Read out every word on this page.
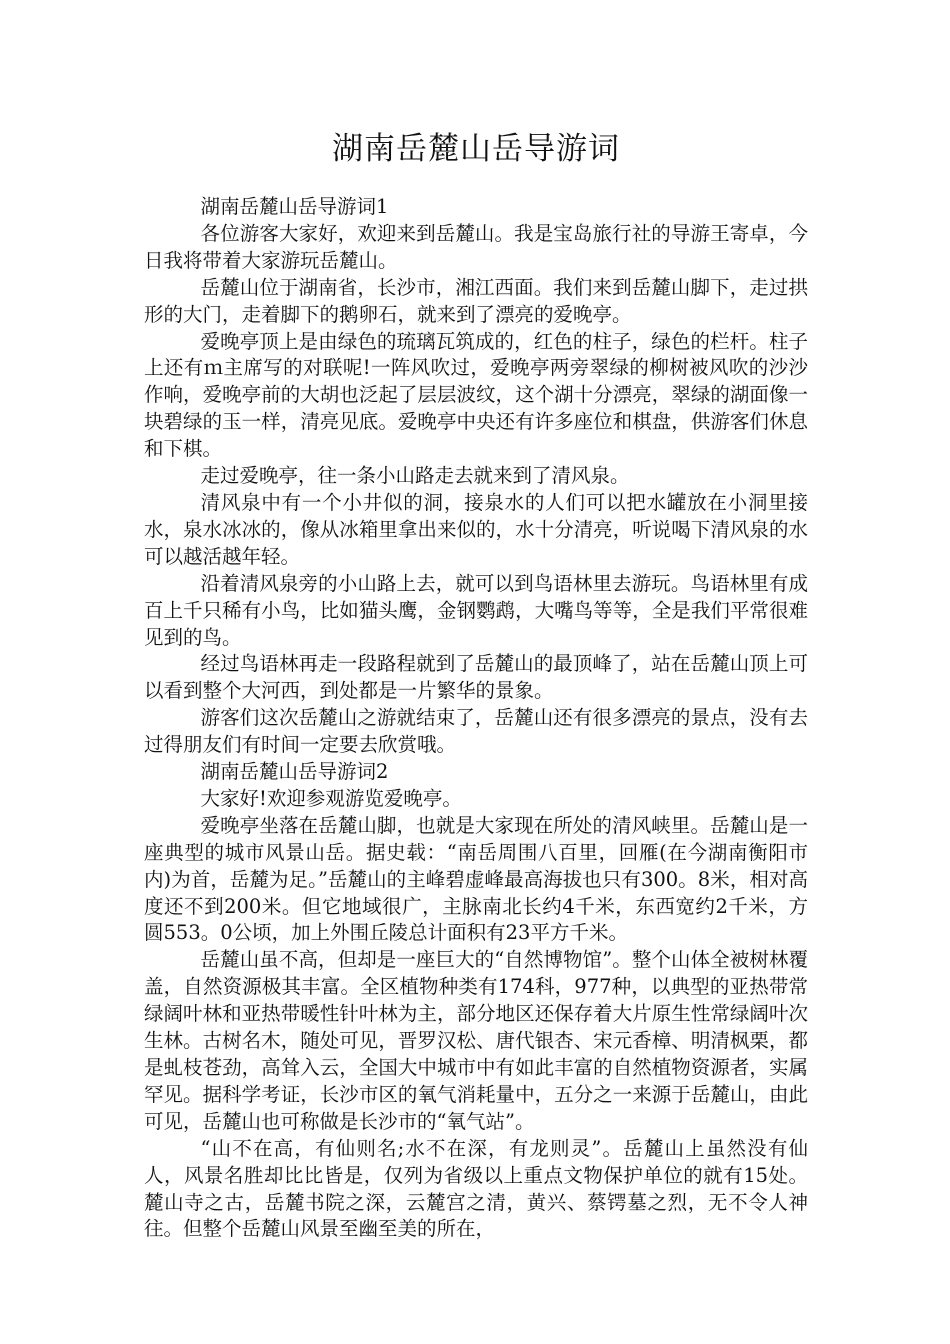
湖南岳麓山岳导游词

湖南岳麓山岳导游词1

各位游客大家好，欢迎来到岳麓山。我是宝岛旅行社的导游王寄卓，今日我将带着大家游玩岳麓山。

岳麓山位于湖南省，长沙市，湘江西面。我们来到岳麓山脚下，走过拱形的大门，走着脚下的鹅卵石，就来到了漂亮的爱晚亭。

爱晚亭顶上是由绿色的琉璃瓦筑成的，红色的柱子，绿色的栏杆。柱子上还有ｍ主席写的对联呢!一阵风吹过，爱晚亭两旁翠绿的柳树被风吹的沙沙作响，爱晚亭前的大胡也泛起了层层波纹，这个湖十分漂亮，翠绿的湖面像一块碧绿的玉一样，清亮见底。爱晚亭中央还有许多座位和棋盘，供游客们休息和下棋。

走过爱晚亭，往一条小山路走去就来到了清风泉。

清风泉中有一个小井似的洞，接泉水的人们可以把水罐放在小洞里接水，泉水冰冰的，像从冰箱里拿出来似的，水十分清亮，听说喝下清风泉的水可以越活越年轻。

沿着清风泉旁的小山路上去，就可以到鸟语林里去游玩。鸟语林里有成百上千只稀有小鸟，比如猫头鹰，金钢鹦鹉，大嘴鸟等等，全是我们平常很难见到的鸟。

经过鸟语林再走一段路程就到了岳麓山的最顶峰了，站在岳麓山顶上可以看到整个大河西，到处都是一片繁华的景象。

游客们这次岳麓山之游就结束了，岳麓山还有很多漂亮的景点，没有去过得朋友们有时间一定要去欣赏哦。

湖南岳麓山岳导游词2

大家好!欢迎参观游览爱晚亭。

爱晚亭坐落在岳麓山脚，也就是大家现在所处的清风峡里。岳麓山是一座典型的城市风景山岳。据史载：“南岳周围八百里，回雁(在今湖南衡阳市内)为首，岳麓为足。”岳麓山的主峰碧虚峰最高海拔也只有300。8米，相对高度还不到200米。但它地域很广，主脉南北长约4千米，东西宽约2千米，方圆553。0公顷，加上外围丘陵总计面积有23平方千米。

岳麓山虽不高，但却是一座巨大的“自然博物馆”。整个山体全被树林覆盖，自然资源极其丰富。全区植物种类有174科，977种，以典型的亚热带常绿阔叶林和亚热带暖性针叶林为主，部分地区还保存着大片原生性常绿阔叶次生林。古树名木，随处可见，晋罗汉松、唐代银杏、宋元香樟、明清枫栗，都是虬枝苍劲，高耸入云，全国大中城市中有如此丰富的自然植物资源者，实属罕见。据科学考证，长沙市区的氧气消耗量中，五分之一来源于岳麓山，由此可见，岳麓山也可称做是长沙市的“氧气站”。

“山不在高，有仙则名;水不在深，有龙则灵”。岳麓山上虽然没有仙人，风景名胜却比比皆是，仅列为省级以上重点文物保护单位的就有15处。麓山寺之古，岳麓书院之深，云麓宫之清，黄兴、蔡锷墓之烈，无不令人神往。但整个岳麓山风景至幽至美的所在，
